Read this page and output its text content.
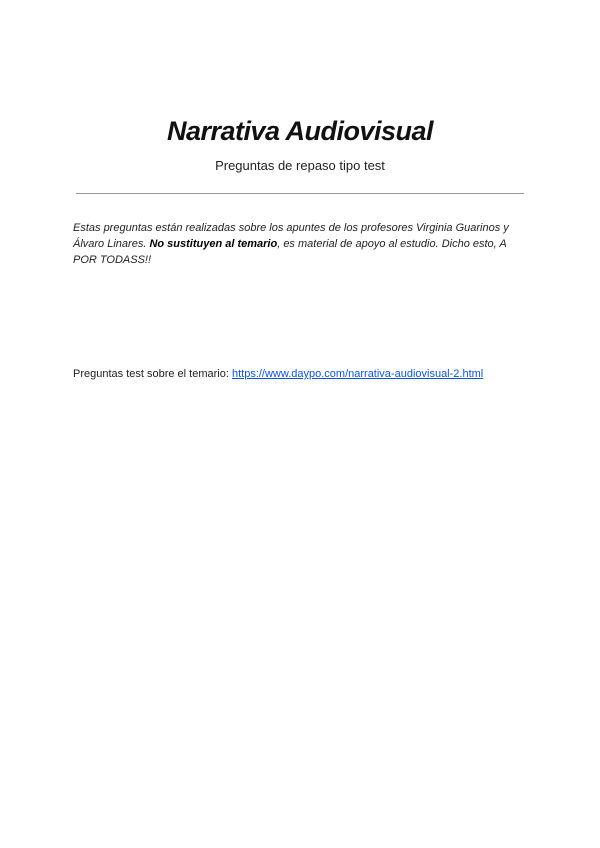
Narrativa Audiovisual

Preguntas de repaso tipo test

Estas preguntas están realizadas sobre los apuntes de los profesores Virginia Guarinos y Álvaro Linares. No sustituyen al temario, es material de apoyo al estudio. Dicho esto, A POR TODASS!!

Preguntas test sobre el temario: https://www.daypo.com/narrativa-audiovisual-2.html
